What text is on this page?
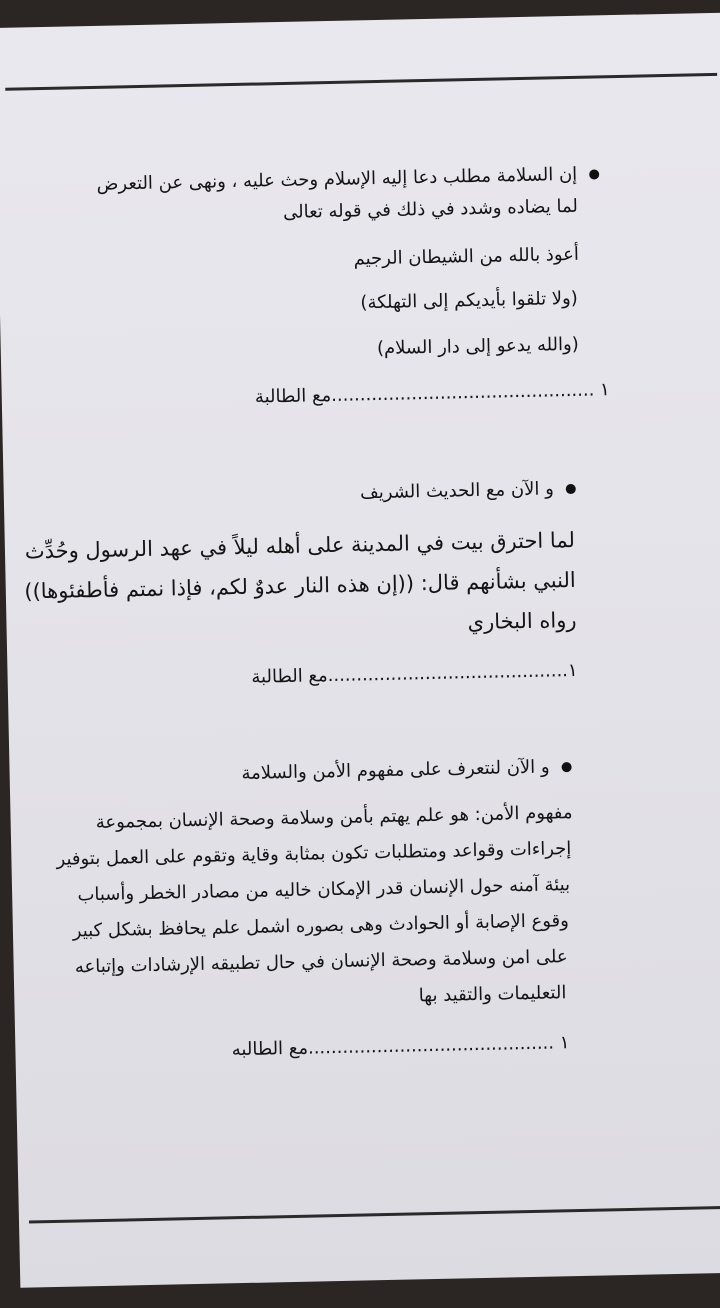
إن السلامة مطلب دعا إليه الإسلام وحث عليه ، ونهى عن التعرض
لما يضاده وشدد في ذلك في قوله تعالى
أعوذ بالله من الشيطان الرجيم
(ولا تلقوا بأيديكم إلى التهلكة)
(والله يدعو إلى دار السلام)
١ ..............................................مع الطالبة
و الآن مع الحديث الشريف
لما احترق بيت في المدينة على أهله ليلاً في عهد الرسول وحُدِّث
النبي بشأنهم قال: ((إن هذه النار عدوٌ لكم، فإذا نمتم فأطفئوها))
رواه البخاري
١..........................................مع الطالبة
و الآن لنتعرف على مفهوم الأمن والسلامة
مفهوم الأمن: هو علم يهتم بأمن وسلامة وصحة الإنسان بمجموعة
إجراءات وقواعد ومتطلبات تكون بمثابة وقاية وتقوم على العمل بتوفير
بيئة آمنه حول الإنسان قدر الإمكان خاليه من مصادر الخطر وأسباب
وقوع الإصابة أو الحوادث وهى بصوره اشمل علم يحافظ بشكل كبير
على امن وسلامة وصحة الإنسان في حال تطبيقه الإرشادات وإتباعه
التعليمات والتقيد بها
١ ...........................................مع الطالبه
